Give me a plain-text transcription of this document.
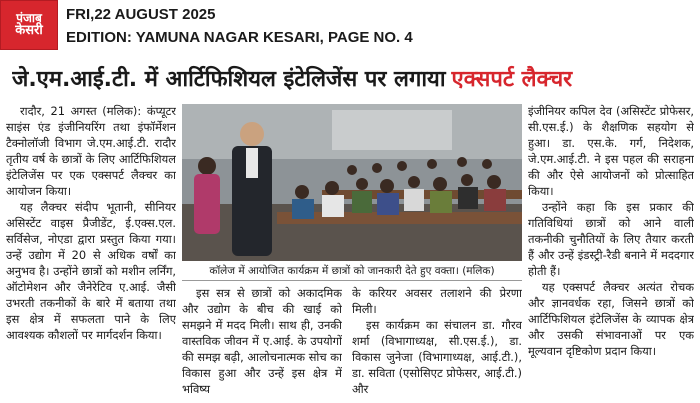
पंजाब
केसरी
FRI,22 AUGUST 2025
EDITION: YAMUNA NAGAR KESARI, PAGE NO. 4
जे.एम.आई.टी. में आर्टिफिशियल इंटेलिजेंस पर लगाया एक्सपर्ट लैक्चर

रादौर, 21 अगस्त (मलिक): कंप्यूटर साइंस एंड इंजीनियरिंग तथा इंफॉर्मेशन टैक्नोलॉजी विभाग जे.एम.आई.टी. रादौर तृतीय वर्ष के छात्रों के लिए आर्टिफिशियल इंटेलिजेंस पर एक एक्सपर्ट लैक्चर का आयोजन किया।

यह लैक्चर संदीप भूतानी, सीनियर असिस्टेंट वाइस प्रैजीडेंट, ई.एक्स.एल. सर्विसेज, नोएडा द्वारा प्रस्तुत किया गया। उन्हें उद्योग में 20 से अधिक वर्षों का अनुभव है। उन्होंने छात्रों को मशीन लर्निंग, ऑटोमेशन और जैनेरेटिव ए.आई. जैसी उभरती तकनीकों के बारे में बताया तथा इस क्षेत्र में सफलता पाने के लिए आवश्यक कौशलों पर मार्गदर्शन किया।

कॉलेज में आयोजित कार्यक्रम में छात्रों को जानकारी देते हुए वक्ता। (मलिक)

इस सत्र से छात्रों को अकादमिक और उद्योग के बीच की खाई को समझने में मदद मिली। साथ ही, उनकी वास्तविक जीवन में ए.आई. के उपयोगों की समझ बढ़ी, आलोचनात्मक सोच का विकास हुआ और उन्हें इस क्षेत्र में भविष्य

के करियर अवसर तलाशने की प्रेरणा मिली।

इस कार्यक्रम का संचालन डा. गौरव शर्मा (विभागाध्यक्ष, सी.एस.ई.), डा. विकास जुनेजा (विभागाध्यक्ष, आई.टी.), डा. सविता (एसोसिएट प्रोफेसर, आई.टी.) और

इंजीनियर कपिल देव (असिस्टेंट प्रोफेसर, सी.एस.ई.) के शैक्षणिक सहयोग से हुआ। डा. एस.के. गर्ग, निदेशक, जे.एम.आई.टी. ने इस पहल की सराहना की और ऐसे आयोजनों को प्रोत्साहित किया।

उन्होंने कहा कि इस प्रकार की गतिविधियां छात्रों को आने वाली तकनीकी चुनौतियों के लिए तैयार करती हैं और उन्हें इंडस्ट्री-रैडी बनाने में मददगार होती हैं।

यह एक्सपर्ट लैक्चर अत्यंत रोचक और ज्ञानवर्धक रहा, जिसने छात्रों को आर्टिफिशियल इंटेलिजेंस के व्यापक क्षेत्र और उसकी संभावनाओं पर एक मूल्यवान दृष्टिकोण प्रदान किया।
